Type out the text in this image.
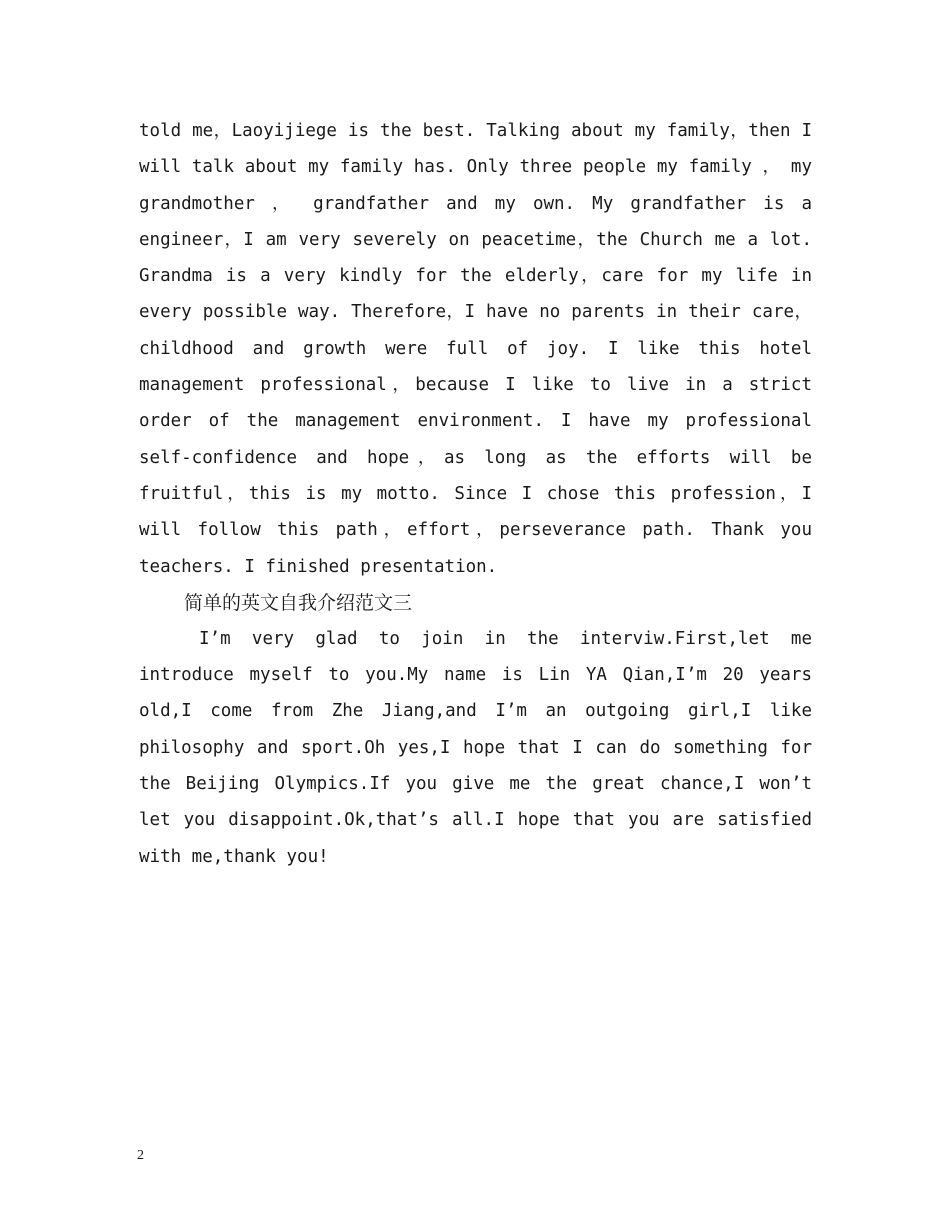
told me，Laoyijiege is the best. Talking about my family，then I will talk about my family has. Only three people my family ， my grandmother ， grandfather and my own. My grandfather is a engineer，I am very severely on peacetime，the Church me a lot. Grandma is a very kindly for the elderly，care for my life in every possible way. Therefore，I have no parents in their care，childhood and growth were full of joy. I like this hotel management professional，because I like to live in a strict order of the management environment. I have my professional self-confidence and hope，as long as the efforts will be fruitful，this is my motto. Since I chose this profession，I will follow this path，effort，perseverance path. Thank you teachers. I finished presentation.

简单的英文自我介绍范文三

I’m very glad to join in the interviw.First,let me introduce myself to you.My name is Lin YA Qian,I’m 20 years old,I come from Zhe Jiang,and I’m an outgoing girl,I like philosophy and sport.Oh yes,I hope that I can do something for the Beijing Olympics.If you give me the great chance,I won’t let you disappoint.Ok,that’s all.I hope that you are satisfied with me,thank you!

2
